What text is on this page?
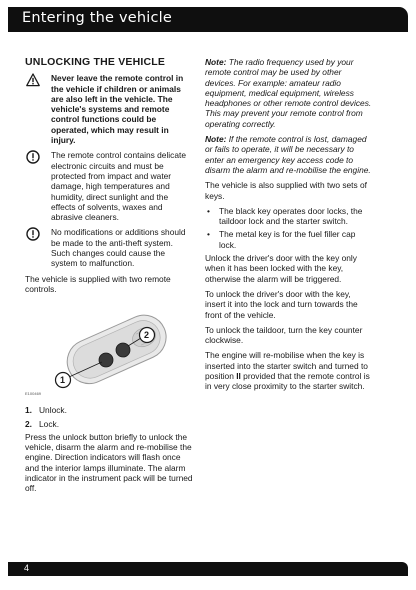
Entering the vehicle
UNLOCKING THE VEHICLE
Never leave the remote control in the vehicle if children or animals are also left in the vehicle. The vehicle's systems and remote control functions could be operated, which may result in injury.
The remote control contains delicate electronic circuits and must be protected from impact and water damage, high temperatures and humidity, direct sunlight and the effects of solvents, waxes and abrasive cleaners.
No modifications or additions should be made to the anti-theft system. Such changes could cause the system to malfunction.

The vehicle is supplied with two remote controls.

1
2
E100469
1. Unlock.
2. Lock.

Press the unlock button briefly to unlock the vehicle, disarm the alarm and re-mobilise the engine. Direction indicators will flash once and the interior lamps illuminate. The alarm indicator in the instrument pack will be turned off.

Note: The radio frequency used by your remote control may be used by other devices. For example: amateur radio equipment, medical equipment, wireless headphones or other remote control devices. This may prevent your remote control from operating correctly.

Note: If the remote control is lost, damaged or fails to operate, it will be necessary to enter an emergency key access code to disarm the alarm and re-mobilise the engine.

The vehicle is also supplied with two sets of keys.

• The black key operates door locks, the taildoor lock and the starter switch.
• The metal key is for the fuel filler cap lock.

Unlock the driver's door with the key only when it has been locked with the key, otherwise the alarm will be triggered.

To unlock the driver's door with the key, insert it into the lock and turn towards the front of the vehicle.

To unlock the taildoor, turn the key counter clockwise.

The engine will re-mobilise when the key is inserted into the starter switch and turned to position II provided that the remote control is in very close proximity to the starter switch.

4
